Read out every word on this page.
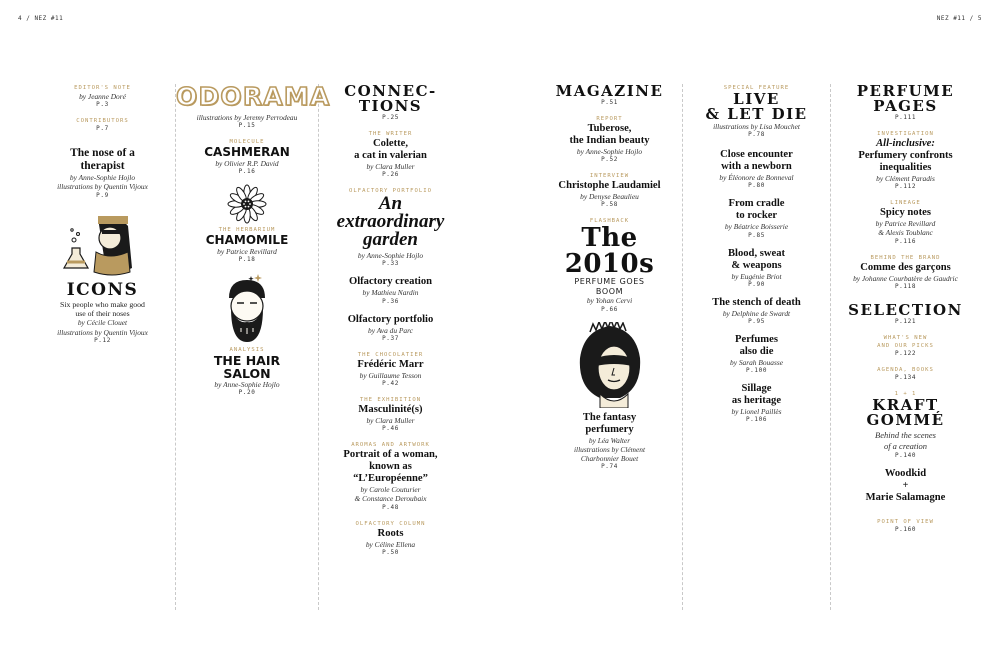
4 / NEZ #11	NEZ #11 / 5
EDITOR'S NOTE
by Jeanne Doré
P.3
CONTRIBUTORS
P.7
The nose of a therapist
by Anne-Sophie Hojlo
illustrations by Quentin Vijoux
P.9
ICONS
Six people who make good use of their noses
by Cécile Clouet
illustrations by Quentin Vijoux
P.12
ODORAMA
illustrations by Jeremy Perrodeau
P.15
MOLECULE
CASHMERAN
by Olivier R.P. David
P.16
THE HERBARIUM
CHAMOMILE
by Patrice Revillard
P.18
ANALYSIS
THE HAIR
SALON
by Anne-Sophie Hojlo
P.20
CONNEC-
TIONS
P.25
THE WRITER
Colette,
a cat in valerian
by Clara Muller
P.26
OLFACTORY PORTFOLIO
An
extraordinary
garden
by Anne-Sophie Hojlo
P.33
Olfactory creation
by Mathieu Nardin
P.36
Olfactory portfolio
by Ava du Parc
P.37
THE CHOCOLATIER
Frédéric Marr
by Guillaume Tesson
P.42
THE EXHIBITION
Masculinité(s)
by Clara Muller
P.46
AROMAS AND ARTWORK
Portrait of a woman,
known as
“L’Européenne”
by Carole Couturier
& Constance Deroubaix
P.48
OLFACTORY COLUMN
Roots
by Céline Ellena
P.50
MAGAZINE
P.51
REPORT
Tuberose,
the Indian beauty
by Anne-Sophie Hojlo
P.52
INTERVIEW
Christophe Laudamiel
by Denyse Beaulieu
P.58
FLASHBACK
The
2010s
PERFUME GOES
BOOM
by Yohan Cervi
P.66
The fantasy
perfumery
by Léa Walter
illustrations by Clément
Charbonnier Bouet
P.74
SPECIAL FEATURE
LIVE
& LET DIE
illustrations by Lisa Mouchet
P.78
Close encounter
with a newborn
by Éléonore de Bonneval
P.80
From cradle
to rocker
by Béatrice Boisserie
P.85
Blood, sweat
& weapons
by Eugénie Briot
P.90
The stench of death
by Delphine de Swardt
P.95
Perfumes
also die
by Sarah Bouasse
P.100
Sillage
as heritage
by Lionel Paillès
P.106
PERFUME
PAGES
P.111
INVESTIGATION
All-inclusive:
Perfumery confronts
inequalities
by Clément Paradis
P.112
LINEAGE
Spicy notes
by Patrice Revillard
& Alexis Toublanc
P.116
BEHIND THE BRAND
Comme des garçons
by Johanne Courbatère de Gaudric
P.118
SELECTION
P.121
WHAT'S NEW
AND OUR PICKS
P.122
AGENDA, BOOKS
P.134
1 + 1
KRAFT
GOMMÉ
Behind the scenes
of a creation
P.140
Woodkid
+
Marie Salamagne
POINT OF VIEW
P.160
